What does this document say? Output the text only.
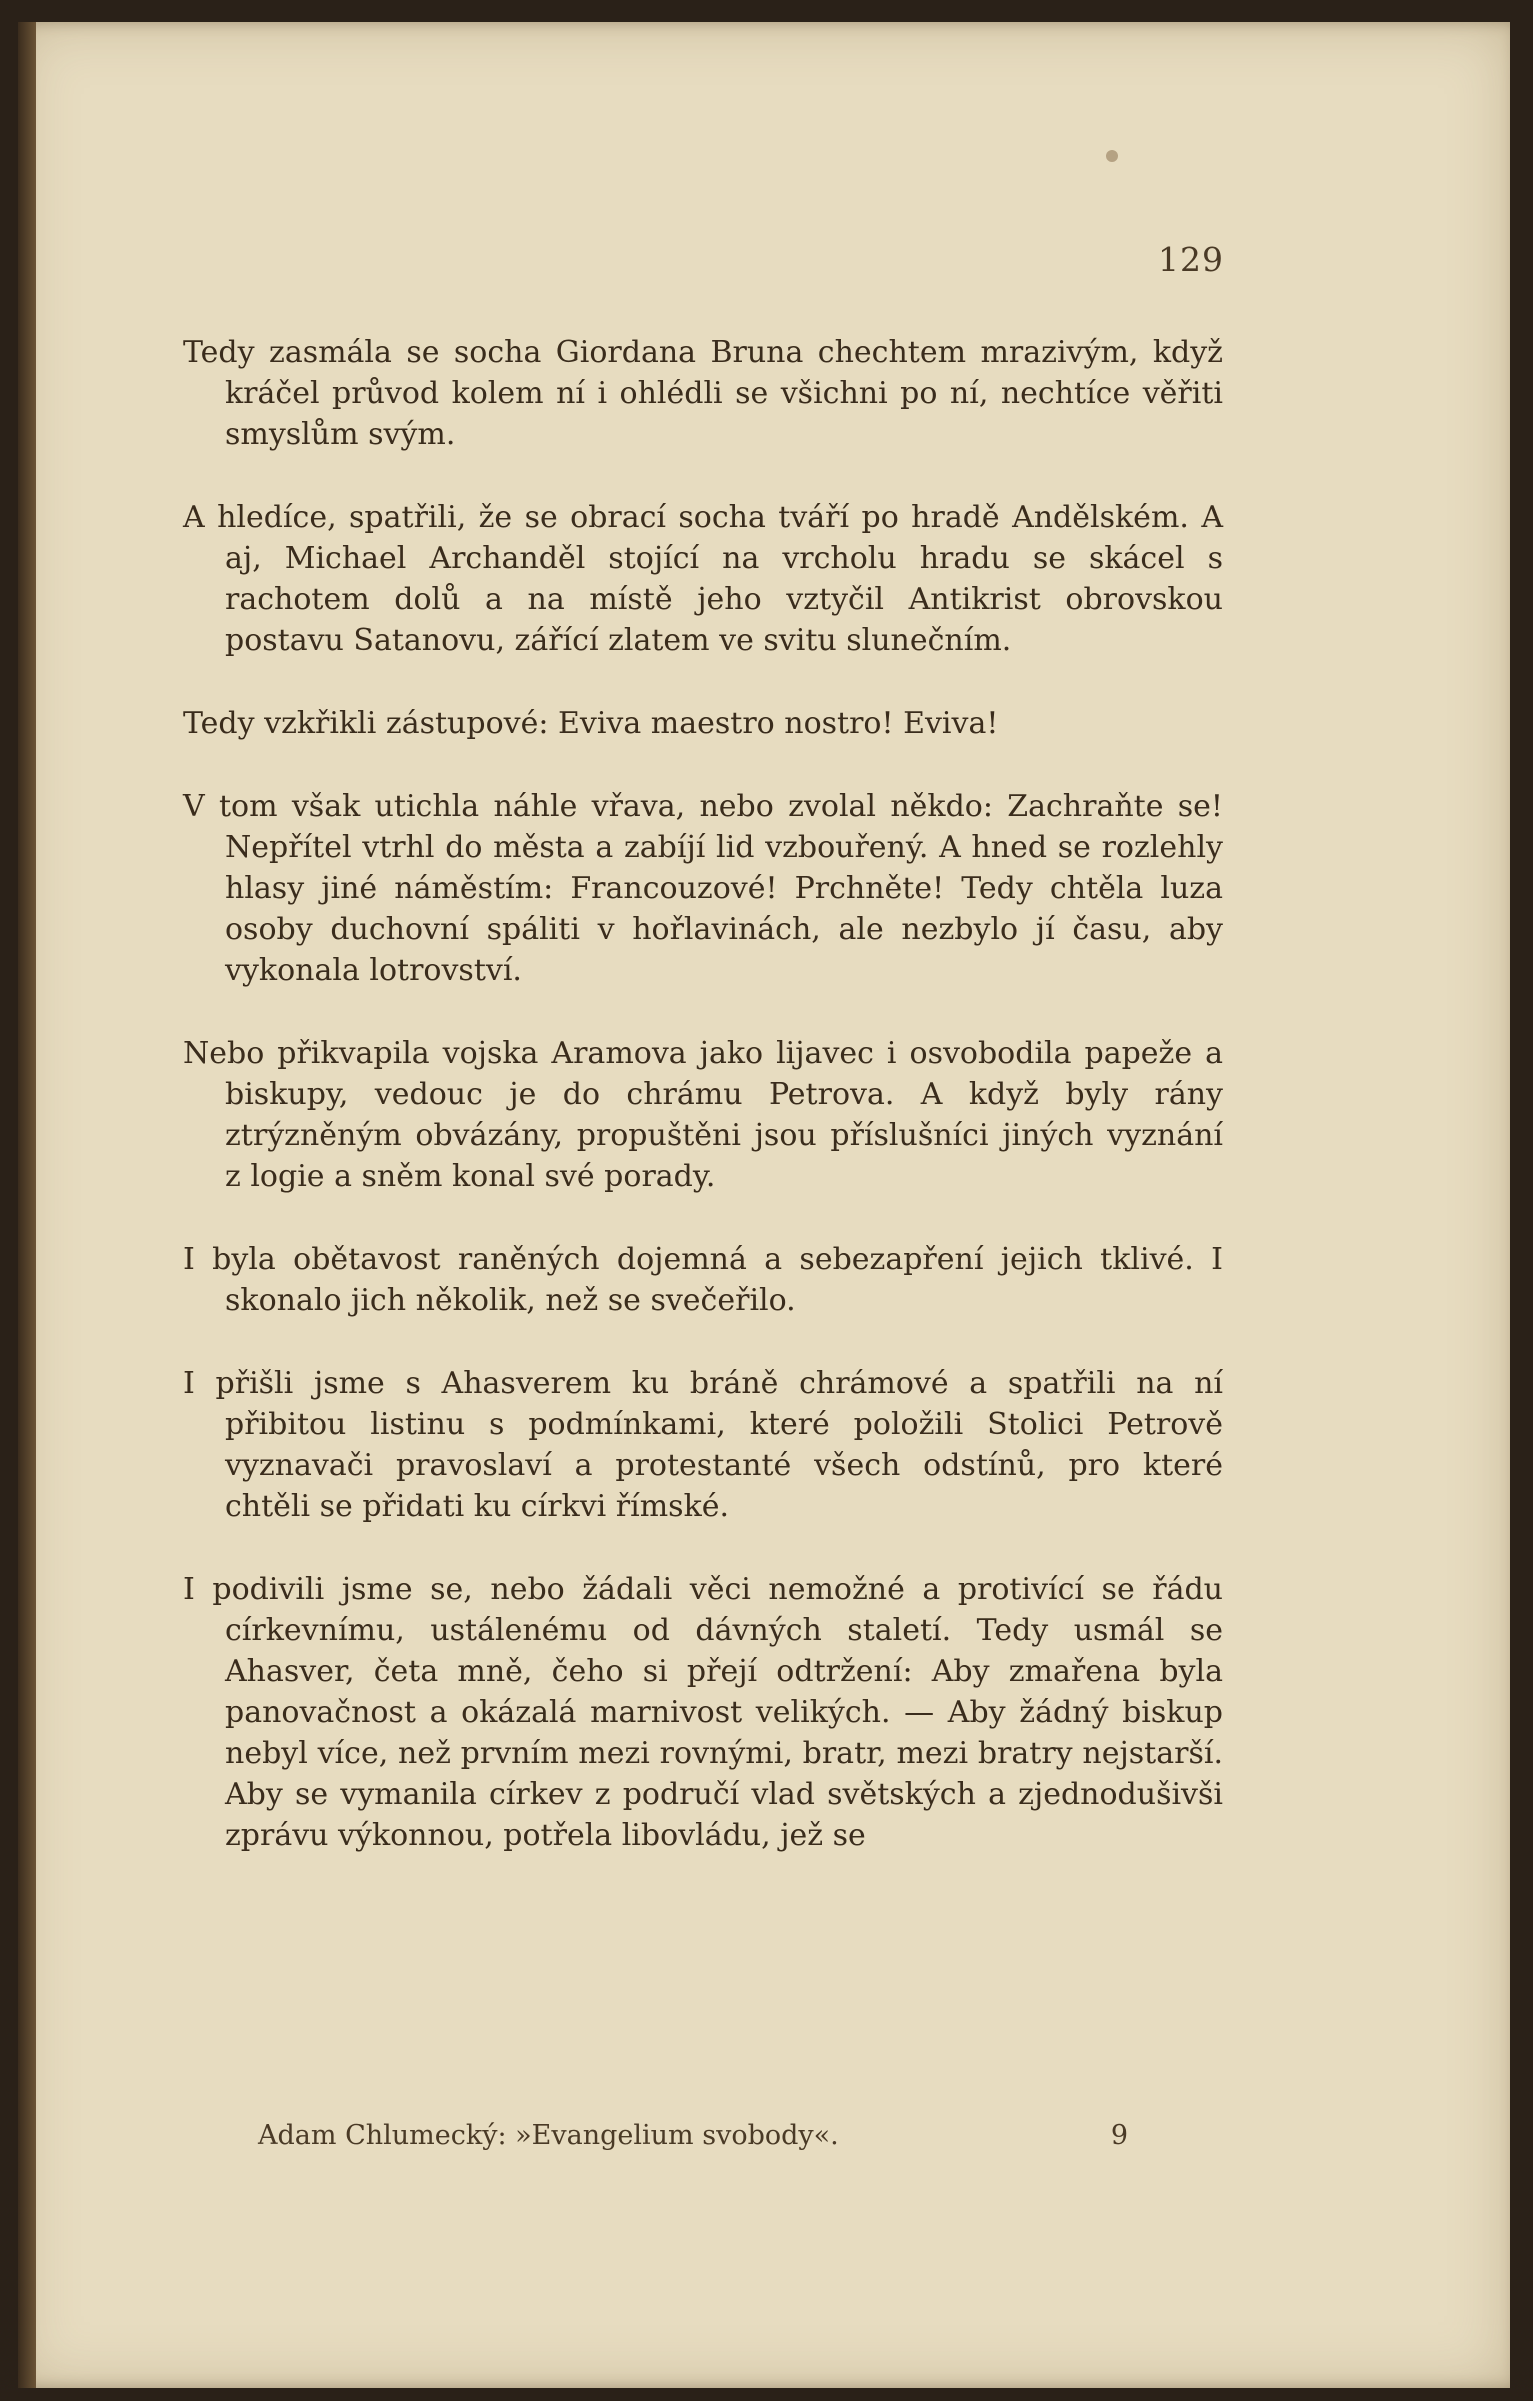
129

Tedy zasmála se socha Giordana Bruna chechtem mrazivým, když kráčel průvod kolem ní i ohlédli se všichni po ní, nechtíce věřiti smyslům svým.

A hledíce, spatřili, že se obrací socha tváří po hradě Andělském. A aj, Michael Archanděl stojící na vrcholu hradu se skácel s rachotem dolů a na místě jeho vztyčil Antikrist obrovskou postavu Satanovu, zářící zlatem ve svitu slunečním.

Tedy vzkřikli zástupové: Eviva maestro nostro! Eviva!

V tom však utichla náhle vřava, nebo zvolal někdo: Zachraňte se! Nepřítel vtrhl do města a zabíjí lid vzbouřený. A hned se rozlehly hlasy jiné náměstím: Francouzové! Prchněte! Tedy chtěla luza osoby duchovní spáliti v hořlavinách, ale nezbylo jí času, aby vykonala lotrovství.

Nebo přikvapila vojska Aramova jako lijavec i osvobodila papeže a biskupy, vedouc je do chrámu Petrova. A když byly rány ztrýzněným obvázány, propuštěni jsou příslušníci jiných vyznání z logie a sněm konal své porady.

I byla obětavost raněných dojemná a sebezapření jejich tklivé. I skonalo jich několik, než se svečeřilo.

I přišli jsme s Ahasverem ku bráně chrámové a spatřili na ní přibitou listinu s podmínkami, které položili Stolici Petrově vyznavači pravoslaví a protestanté všech odstínů, pro které chtěli se přidati ku církvi římské.

I podivili jsme se, nebo žádali věci nemožné a protivící se řádu církevnímu, ustálenému od dávných staletí. Tedy usmál se Ahasver, četa mně, čeho si přejí odtržení: Aby zmařena byla panovačnost a okázalá marnivost velikých. — Aby žádný biskup nebyl více, než prvním mezi rovnými, bratr, mezi bratry nejstarší. Aby se vymanila církev z područí vlad světských a zjednodušivši zprávu výkonnou, potřela libovládu, jež se

Adam Chlumecký: »Evangelium svobody«.	9
